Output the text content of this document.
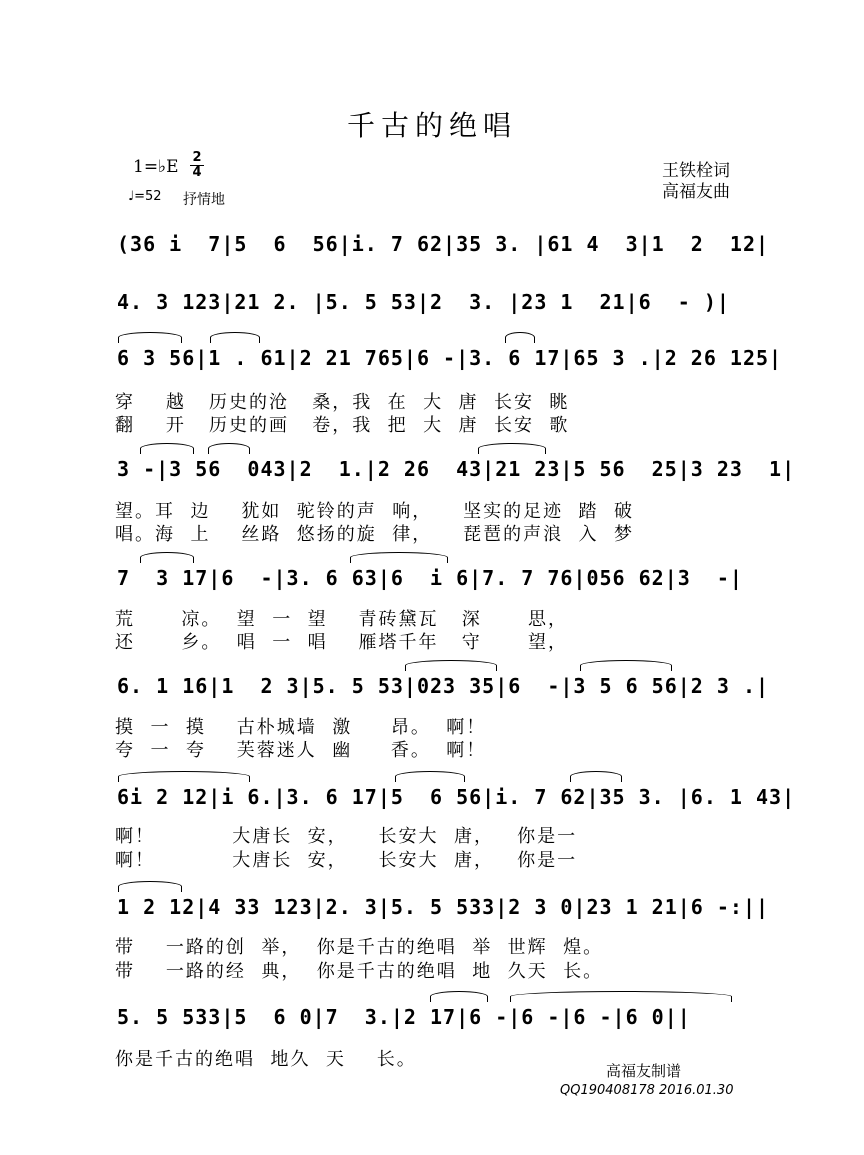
千古的绝唱
1=♭E 2
4
♩=52 抒情地
王铁栓词
高福友曲
(36 i  7|5  6  56|i. 7 62|35 3. |61 4  3|1  2  12|
4. 3 123|21 2. |5. 5 53|2  3. |23 1  21|6  - )|
6 3 56|1 . 61|2 21 765|6 -|3. 6 17|65 3 .|2 26 125|
穿    越   历史的沧   桑，我  在  大  唐  长安  眺
翻    开   历史的画   卷，我  把  大  唐  长安  歌
3 -|3 56  043|2  1.|2 26  43|21 23|5 56  25|3 23  1|
望。耳  边    犹如  驼铃的声  响，    坚实的足迹  踏  破
唱。海  上    丝路  悠扬的旋  律，    琵琶的声浪  入  梦
7  3 17|6  -|3. 6 63|6  i 6|7. 7 76|056 62|3  -|
荒      凉。  望  一  望    青砖黛瓦   深      思，
还      乡。  唱  一  唱    雁塔千年   守      望，
6. 1 16|1  2 3|5. 5 53|023 35|6  -|3 5 6 56|2 3 .|
摸  一  摸    古朴城墙  激     昂。  啊！
夸  一  夸    芙蓉迷人  幽     香。  啊！
6i 2 12|i 6.|3. 6 17|5  6 56|i. 7 62|35 3. |6. 1 43|
啊！          大唐长  安，    长安大  唐，   你是一
啊！          大唐长  安，    长安大  唐，   你是一
1 2 12|4 33 123|2. 3|5. 5 533|2 3 0|23 1 21|6 -:||
带    一路的创  举，  你是千古的绝唱  举  世辉  煌。
带    一路的经  典，  你是千古的绝唱  地  久天  长。
5. 5 533|5  6 0|7  3.|2 17|6 -|6 -|6 -|6 0||
你是千古的绝唱  地久  天    长。
高福友制谱
QQ190408178 2016.01.30
